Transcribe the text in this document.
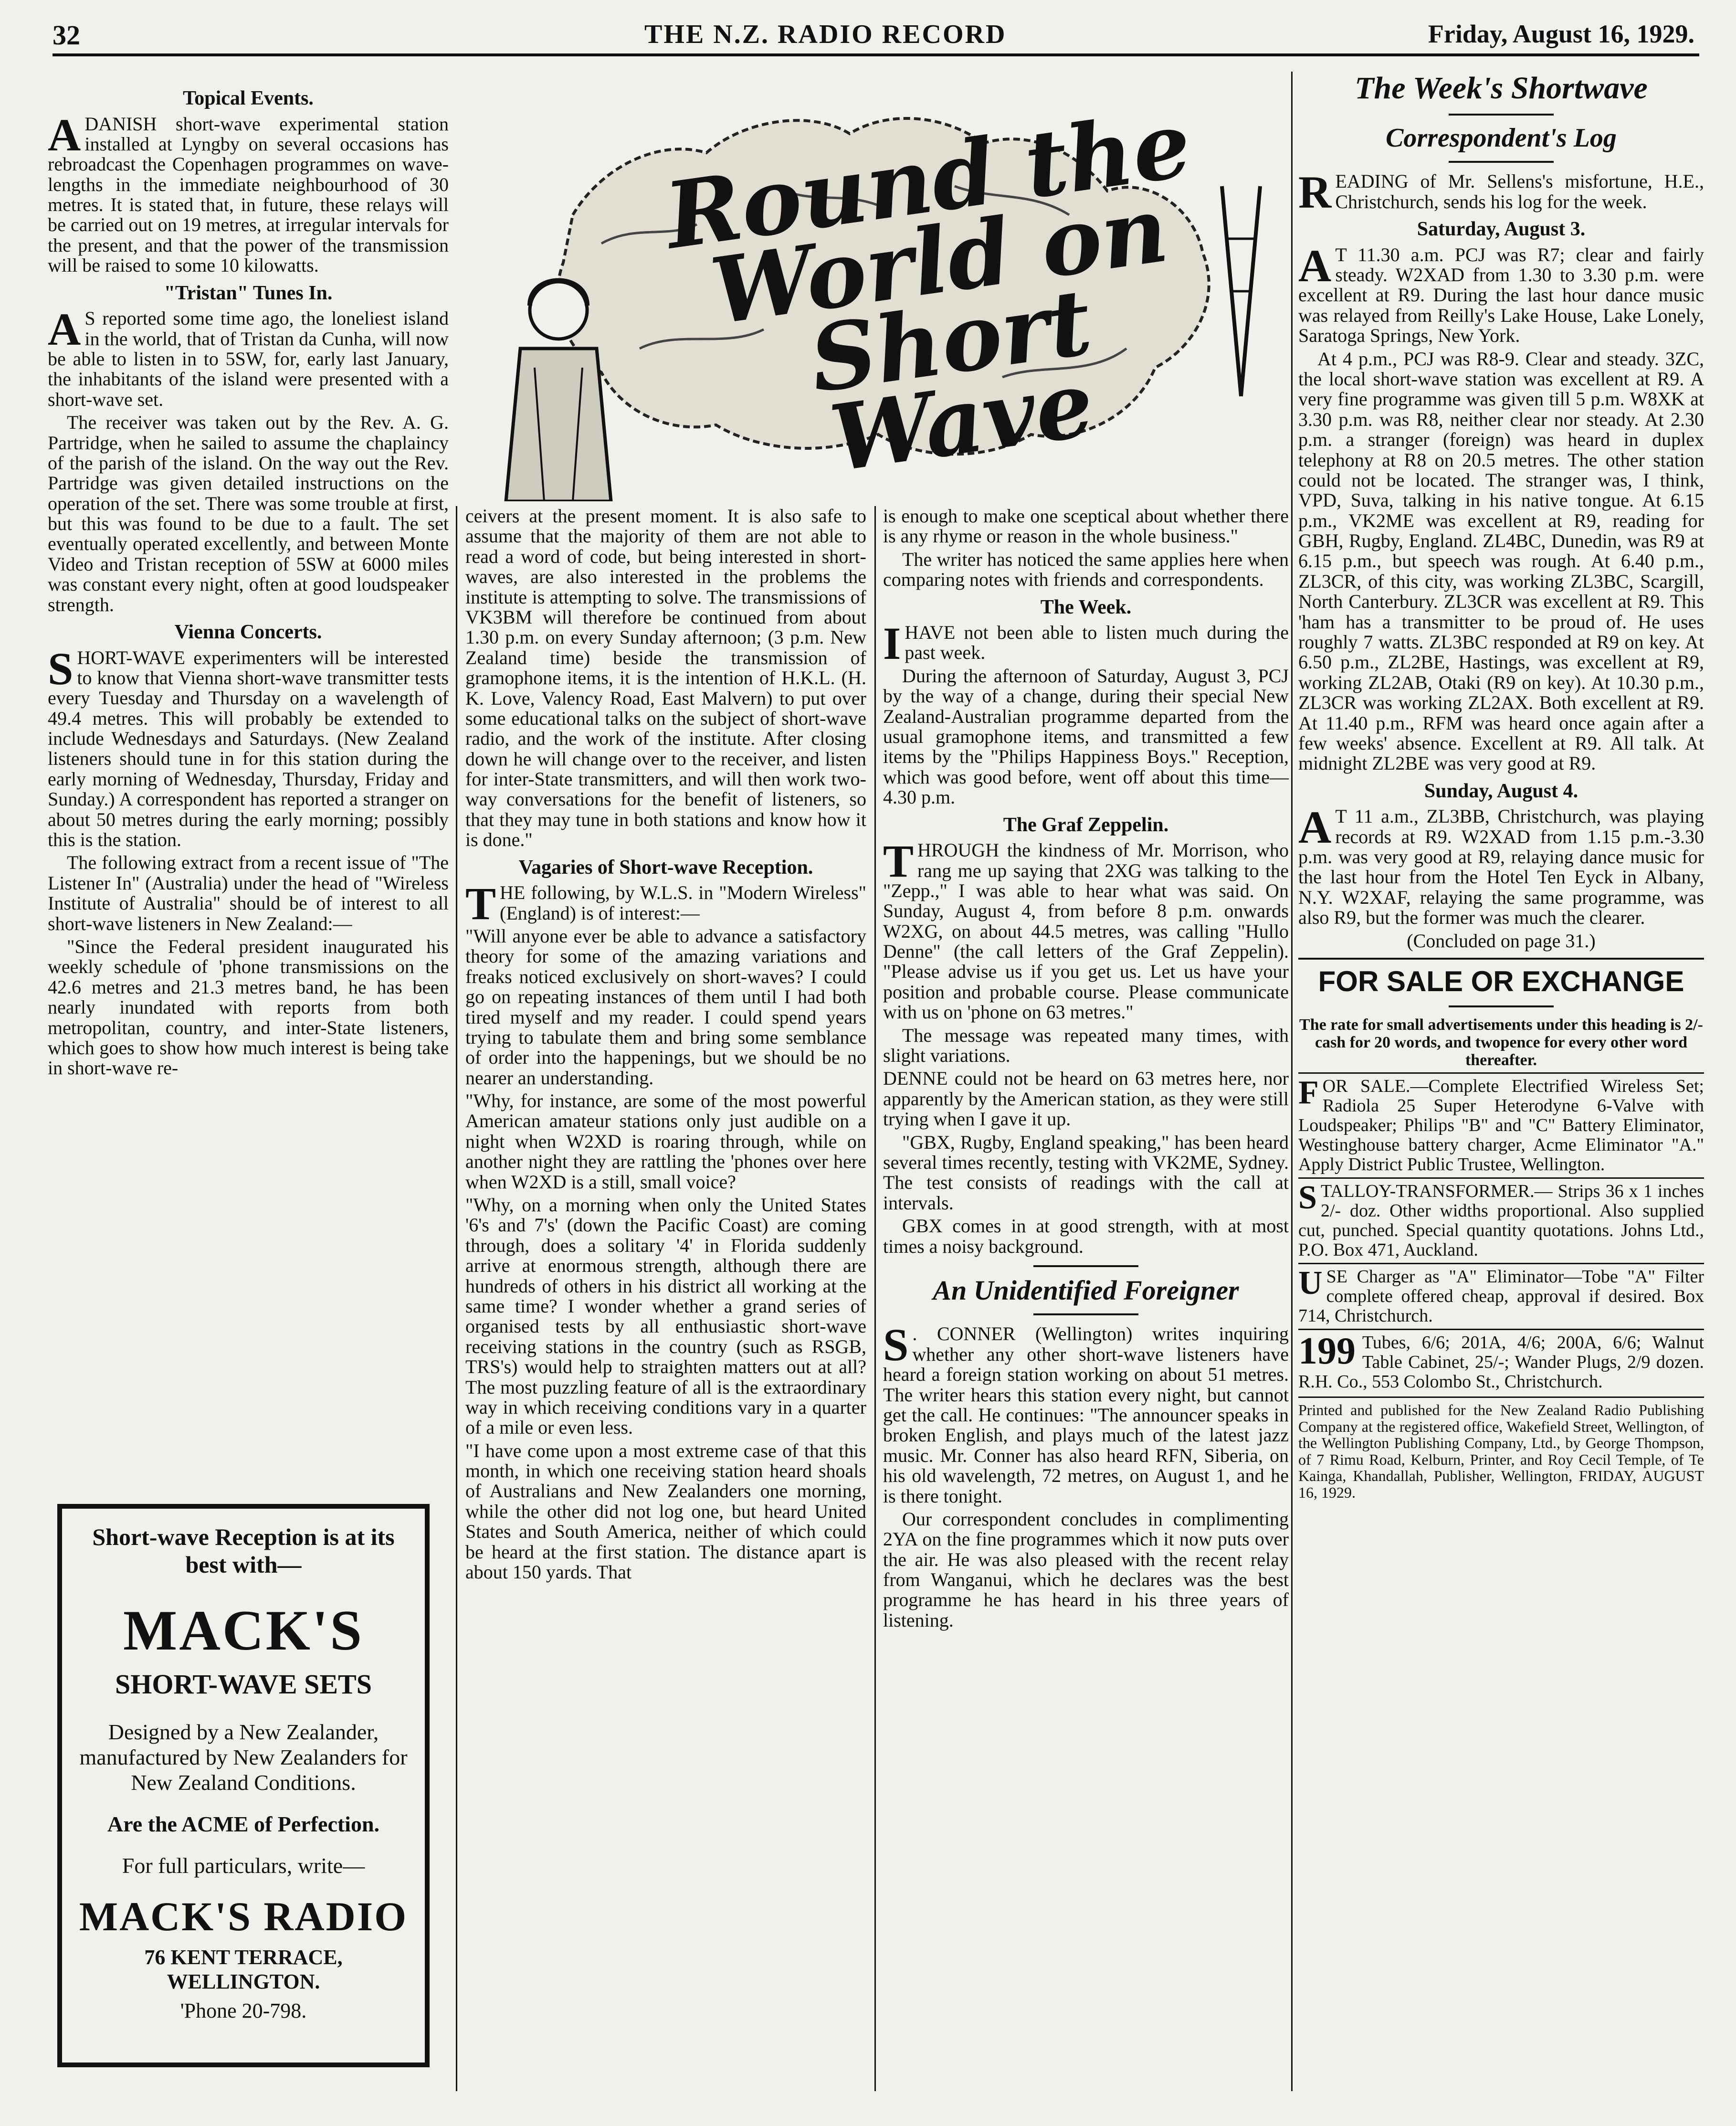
32	THE N.Z. RADIO RECORD	Friday, August 16, 1929.
Topical Events.

ADANISH short-wave experimental station installed at Lyngby on several occasions has rebroadcast the Copenhagen programmes on wave-lengths in the immediate neighbourhood of 30 metres. It is stated that, in future, these relays will be carried out on 19 metres, at irregular intervals for the present, and that the power of the transmission will be raised to some 10 kilowatts.

"Tristan" Tunes In.

A S reported some time ago, the loneliest island in the world, that of Tristan da Cunha, will now be able to listen in to 5SW, for, early last January, the inhabitants of the island were presented with a short-wave set.

The receiver was taken out by the Rev. A. G. Partridge, when he sailed to assume the chaplaincy of the parish of the island. On the way out the Rev. Partridge was given detailed instructions on the operation of the set. There was some trouble at first, but this was found to be due to a fault. The set eventually operated excellently, and between Monte Video and Tristan reception of 5SW at 6000 miles was constant every night, often at good loudspeaker strength.

Vienna Concerts.

SHORT-WAVE experimenters will be interested to know that Vienna short-wave transmitter tests every Tuesday and Thursday on a wavelength of 49.4 metres. This will probably be extended to include Wednesdays and Saturdays. (New Zealand listeners should tune in for this station during the early morning of Wednesday, Thursday, Friday and Sunday.) A correspondent has reported a stranger on about 50 metres during the early morning; possibly this is the station.

The following extract from a recent issue of "The Listener In" (Australia) under the head of "Wireless Institute of Australia" should be of interest to all short-wave listeners in New Zealand:—

"Since the Federal president inaugurated his weekly schedule of 'phone transmissions on the 42.6 metres and 21.3 metres band, he has been nearly inundated with reports from both metropolitan, country, and inter-State listeners, which goes to show how much interest is being take in short-wave re-

Short-wave Reception is at its best with—
MACK'S
SHORT-WAVE SETS
Designed by a New Zealander, manufactured by New Zealanders for New Zealand Conditions.
Are the ACME of Perfection.
For full particulars, write—
MACK'S RADIO
76 KENT TERRACE, WELLINGTON.
'Phone 20-798.
Round the World on Short Wave

ceivers at the present moment. It is also safe to assume that the majority of them are not able to read a word of code, but being interested in short-waves, are also interested in the problems the institute is attempting to solve. The transmissions of VK3BM will therefore be continued from about 1.30 p.m. on every Sunday afternoon; (3 p.m. New Zealand time) beside the transmission of gramophone items, it is the intention of H.K.L. (H. K. Love, Valency Road, East Malvern) to put over some educational talks on the subject of short-wave radio, and the work of the institute. After closing down he will change over to the receiver, and listen for inter-State transmitters, and will then work two-way conversations for the benefit of listeners, so that they may tune in both stations and know how it is done."

Vagaries of Short-wave Reception.

THE following, by W.L.S. in "Modern Wireless" (England) is of interest:—

"Will anyone ever be able to advance a satisfactory theory for some of the amazing variations and freaks noticed exclusively on short-waves? I could go on repeating instances of them until I had both tired myself and my reader. I could spend years trying to tabulate them and bring some semblance of order into the happenings, but we should be no nearer an understanding.

"Why, for instance, are some of the most powerful American amateur stations only just audible on a night when W2XD is roaring through, while on another night they are rattling the 'phones over here when W2XD is a still, small voice?

"Why, on a morning when only the United States '6's and 7's' (down the Pacific Coast) are coming through, does a solitary '4' in Florida suddenly arrive at enormous strength, although there are hundreds of others in his district all working at the same time? I wonder whether a grand series of organised tests by all enthusiastic short-wave receiving stations in the country (such as RSGB, TRS's) would help to straighten matters out at all? The most puzzling feature of all is the extraordinary way in which receiving conditions vary in a quarter of a mile or even less.

"I have come upon a most extreme case of that this month, in which one receiving station heard shoals of Australians and New Zealanders one morning, while the other did not log one, but heard United States and South America, neither of which could be heard at the first station. The distance apart is about 150 yards. That

is enough to make one sceptical about whether there is any rhyme or reason in the whole business."

The writer has noticed the same applies here when comparing notes with friends and correspondents.

The Week.

IHAVE not been able to listen much during the past week.

During the afternoon of Saturday, August 3, PCJ by the way of a change, during their special New Zealand-Australian programme departed from the usual gramophone items, and transmitted a few items by the "Philips Happiness Boys." Reception, which was good before, went off about this time—4.30 p.m.

The Graf Zeppelin.

THROUGH the kindness of Mr. Morrison, who rang me up saying that 2XG was talking to the "Zepp.," I was able to hear what was said. On Sunday, August 4, from before 8 p.m. onwards W2XG, on about 44.5 metres, was calling "Hullo Denne" (the call letters of the Graf Zeppelin). "Please advise us if you get us. Let us have your position and probable course. Please communicate with us on 'phone on 63 metres."

The message was repeated many times, with slight variations.

DENNE could not be heard on 63 metres here, nor apparently by the American station, as they were still trying when I gave it up.

"GBX, Rugby, England speaking," has been heard several times recently, testing with VK2ME, Sydney. The test consists of readings with the call at intervals.

GBX comes in at good strength, with at most times a noisy background.

An Unidentified Foreigner

S . CONNER (Wellington) writes inquiring whether any other short-wave listeners have heard a foreign station working on about 51 metres. The writer hears this station every night, but cannot get the call. He continues: "The announcer speaks in broken English, and plays much of the latest jazz music. Mr. Conner has also heard RFN, Siberia, on his old wavelength, 72 metres, on August 1, and he is there tonight.

Our correspondent concludes in complimenting 2YA on the fine programmes which it now puts over the air. He was also pleased with the recent relay from Wanganui, which he declares was the best programme he has heard in his three years of listening.

The Week's Shortwave
Correspondent's Log

READING of Mr. Sellens's misfortune, H.E., Christchurch, sends his log for the week.

Saturday, August 3.

A T 11.30 a.m. PCJ was R7; clear and fairly steady. W2XAD from 1.30 to 3.30 p.m. were excellent at R9. During the last hour dance music was relayed from Reilly's Lake House, Lake Lonely, Saratoga Springs, New York.

At 4 p.m., PCJ was R8-9. Clear and steady. 3ZC, the local short-wave station was excellent at R9. A very fine programme was given till 5 p.m. W8XK at 3.30 p.m. was R8, neither clear nor steady. At 2.30 p.m. a stranger (foreign) was heard in duplex telephony at R8 on 20.5 metres. The other station could not be located. The stranger was, I think, VPD, Suva, talking in his native tongue. At 6.15 p.m., VK2ME was excellent at R9, reading for GBH, Rugby, England. ZL4BC, Dunedin, was R9 at 6.15 p.m., but speech was rough. At 6.40 p.m., ZL3CR, of this city, was working ZL3BC, Scargill, North Canterbury. ZL3CR was excellent at R9. This 'ham has a transmitter to be proud of. He uses roughly 7 watts. ZL3BC responded at R9 on key. At 6.50 p.m., ZL2BE, Hastings, was excellent at R9, working ZL2AB, Otaki (R9 on key). At 10.30 p.m., ZL3CR was working ZL2AX. Both excellent at R9. At 11.40 p.m., RFM was heard once again after a few weeks' absence. Excellent at R9. All talk. At midnight ZL2BE was very good at R9.

Sunday, August 4.

A T 11 a.m., ZL3BB, Christchurch, was playing records at R9. W2XAD from 1.15 p.m.-3.30 p.m. was very good at R9, relaying dance music for the last hour from the Hotel Ten Eyck in Albany, N.Y. W2XAF, relaying the same programme, was also R9, but the former was much the clearer.

(Concluded on page 31.)

FOR SALE OR EXCHANGE
The rate for small advertisements under this heading is 2/- cash for 20 words, and twopence for every other word thereafter.
FOR SALE.—Complete Electrified Wireless Set; Radiola 25 Super Heterodyne 6-Valve with Loudspeaker; Philips "B" and "C" Battery Eliminator, Westinghouse battery charger, Acme Eliminator "A." Apply District Public Trustee, Wellington.
STALLOY-TRANSFORMER.— Strips 36 x 1 inches 2/- doz. Other widths proportional. Also supplied cut, punched. Special quantity quotations. Johns Ltd., P.O. Box 471, Auckland.
USE Charger as "A" Eliminator—Tobe "A" Filter complete offered cheap, approval if desired. Box 714, Christchurch.
199 Tubes, 6/6; 201A, 4/6; 200A, 6/6; Walnut Table Cabinet, 25/-; Wander Plugs, 2/9 dozen. R.H. Co., 553 Colombo St., Christchurch.
Printed and published for the New Zealand Radio Publishing Company at the registered office, Wakefield Street, Wellington, of the Wellington Publishing Company, Ltd., by George Thompson, of 7 Rimu Road, Kelburn, Printer, and Roy Cecil Temple, of Te Kainga, Khandallah, Publisher, Wellington, FRIDAY, AUGUST 16, 1929.
